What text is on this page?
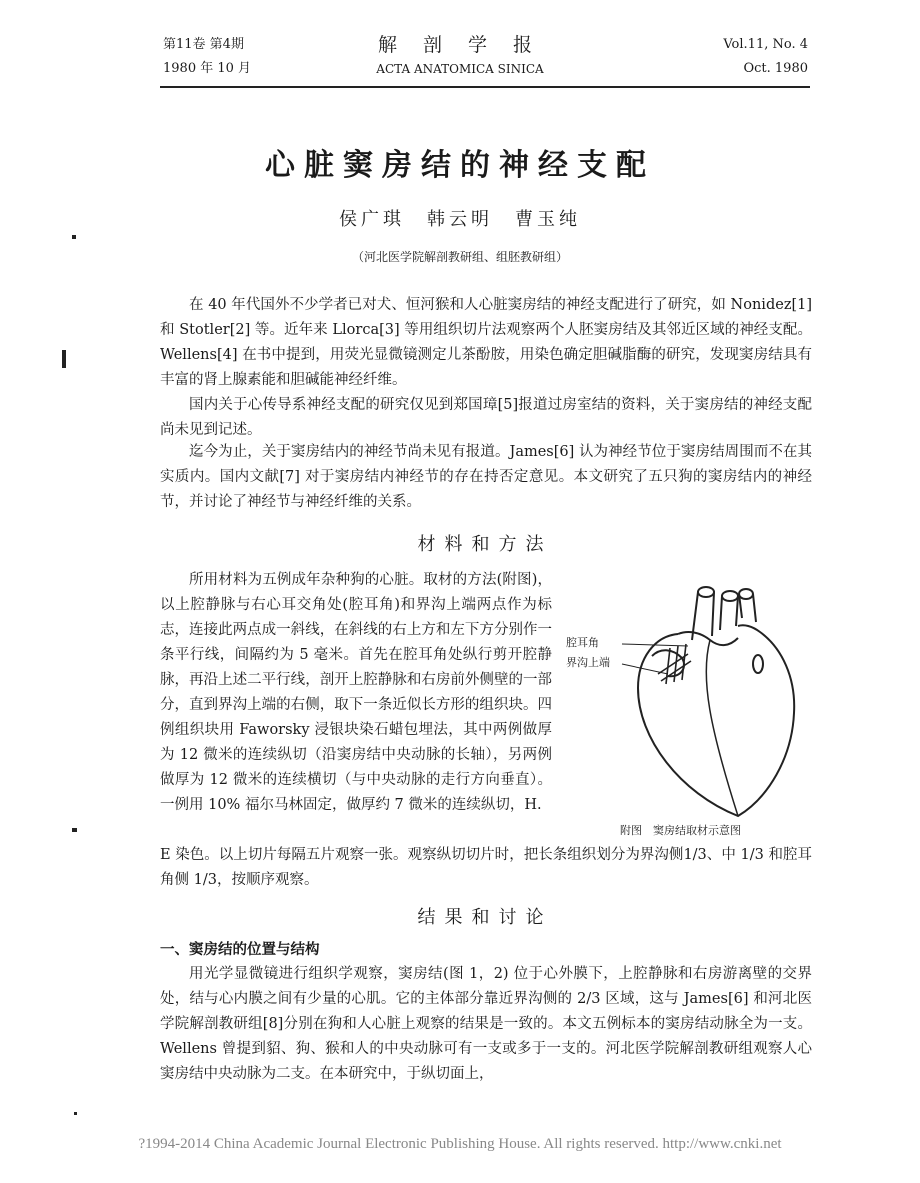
第11卷 第4期
1980 年 10 月
解 剖 学 报
ACTA ANATOMICA SINICA
Vol.11, No. 4
Oct. 1980
心脏窦房结的神经支配
侯广琪　韩云明　曹玉纯
（河北医学院解剖教研组、组胚教研组）

在 40 年代国外不少学者已对犬、恒河猴和人心脏窦房结的神经支配进行了研究，如 Nonidez[1] 和 Stotler[2] 等。近年来 Llorca[3] 等用组织切片法观察两个人胚窦房结及其邻近区域的神经支配。Wellens[4] 在书中提到，用荧光显微镜测定儿茶酚胺，用染色确定胆碱脂酶的研究，发现窦房结具有丰富的肾上腺素能和胆碱能神经纤维。

国内关于心传导系神经支配的研究仅见到郑国璋[5]报道过房室结的资料，关于窦房结的神经支配尚未见到记述。

迄今为止，关于窦房结内的神经节尚未见有报道。James[6] 认为神经节位于窦房结周围而不在其实质内。国内文献[7] 对于窦房结内神经节的存在持否定意见。本文研究了五只狗的窦房结内的神经节，并讨论了神经节与神经纤维的关系。

材料和方法

所用材料为五例成年杂种狗的心脏。取材的方法(附图)，以上腔静脉与右心耳交角处(腔耳角)和界沟上端两点作为标志，连接此两点成一斜线，在斜线的右上方和左下方分别作一条平行线，间隔约为 5 毫米。首先在腔耳角处纵行剪开腔静脉，再沿上述二平行线，剖开上腔静脉和右房前外侧壁的一部分，直到界沟上端的右侧，取下一条近似长方形的组织块。四例组织块用 Faworsky 浸银块染石蜡包埋法，其中两例做厚为 12 微米的连续纵切（沿窦房结中央动脉的长轴），另两例做厚为 12 微米的连续横切（与中央动脉的走行方向垂直）。一例用 10% 福尔马林固定，做厚约 7 微米的连续纵切，H.

E 染色。以上切片每隔五片观察一张。观察纵切切片时，把长条组织划分为界沟侧1/3、中 1/3 和腔耳角侧 1/3，按顺序观察。

腔耳角
界沟上端
附图　窦房结取材示意图
结果和讨论
一、窦房结的位置与结构

用光学显微镜进行组织学观察，窦房结(图 1，2) 位于心外膜下，上腔静脉和右房游离壁的交界处，结与心内膜之间有少量的心肌。它的主体部分靠近界沟侧的 2/3 区域，这与 James[6] 和河北医学院解剖教研组[8]分别在狗和人心脏上观察的结果是一致的。本文五例标本的窦房结动脉全为一支。Wellens 曾提到貂、狗、猴和人的中央动脉可有一支或多于一支的。河北医学院解剖教研组观察人心窦房结中央动脉为二支。在本研究中，于纵切面上，

?1994-2014 China Academic Journal Electronic Publishing House. All rights reserved. http://www.cnki.net
